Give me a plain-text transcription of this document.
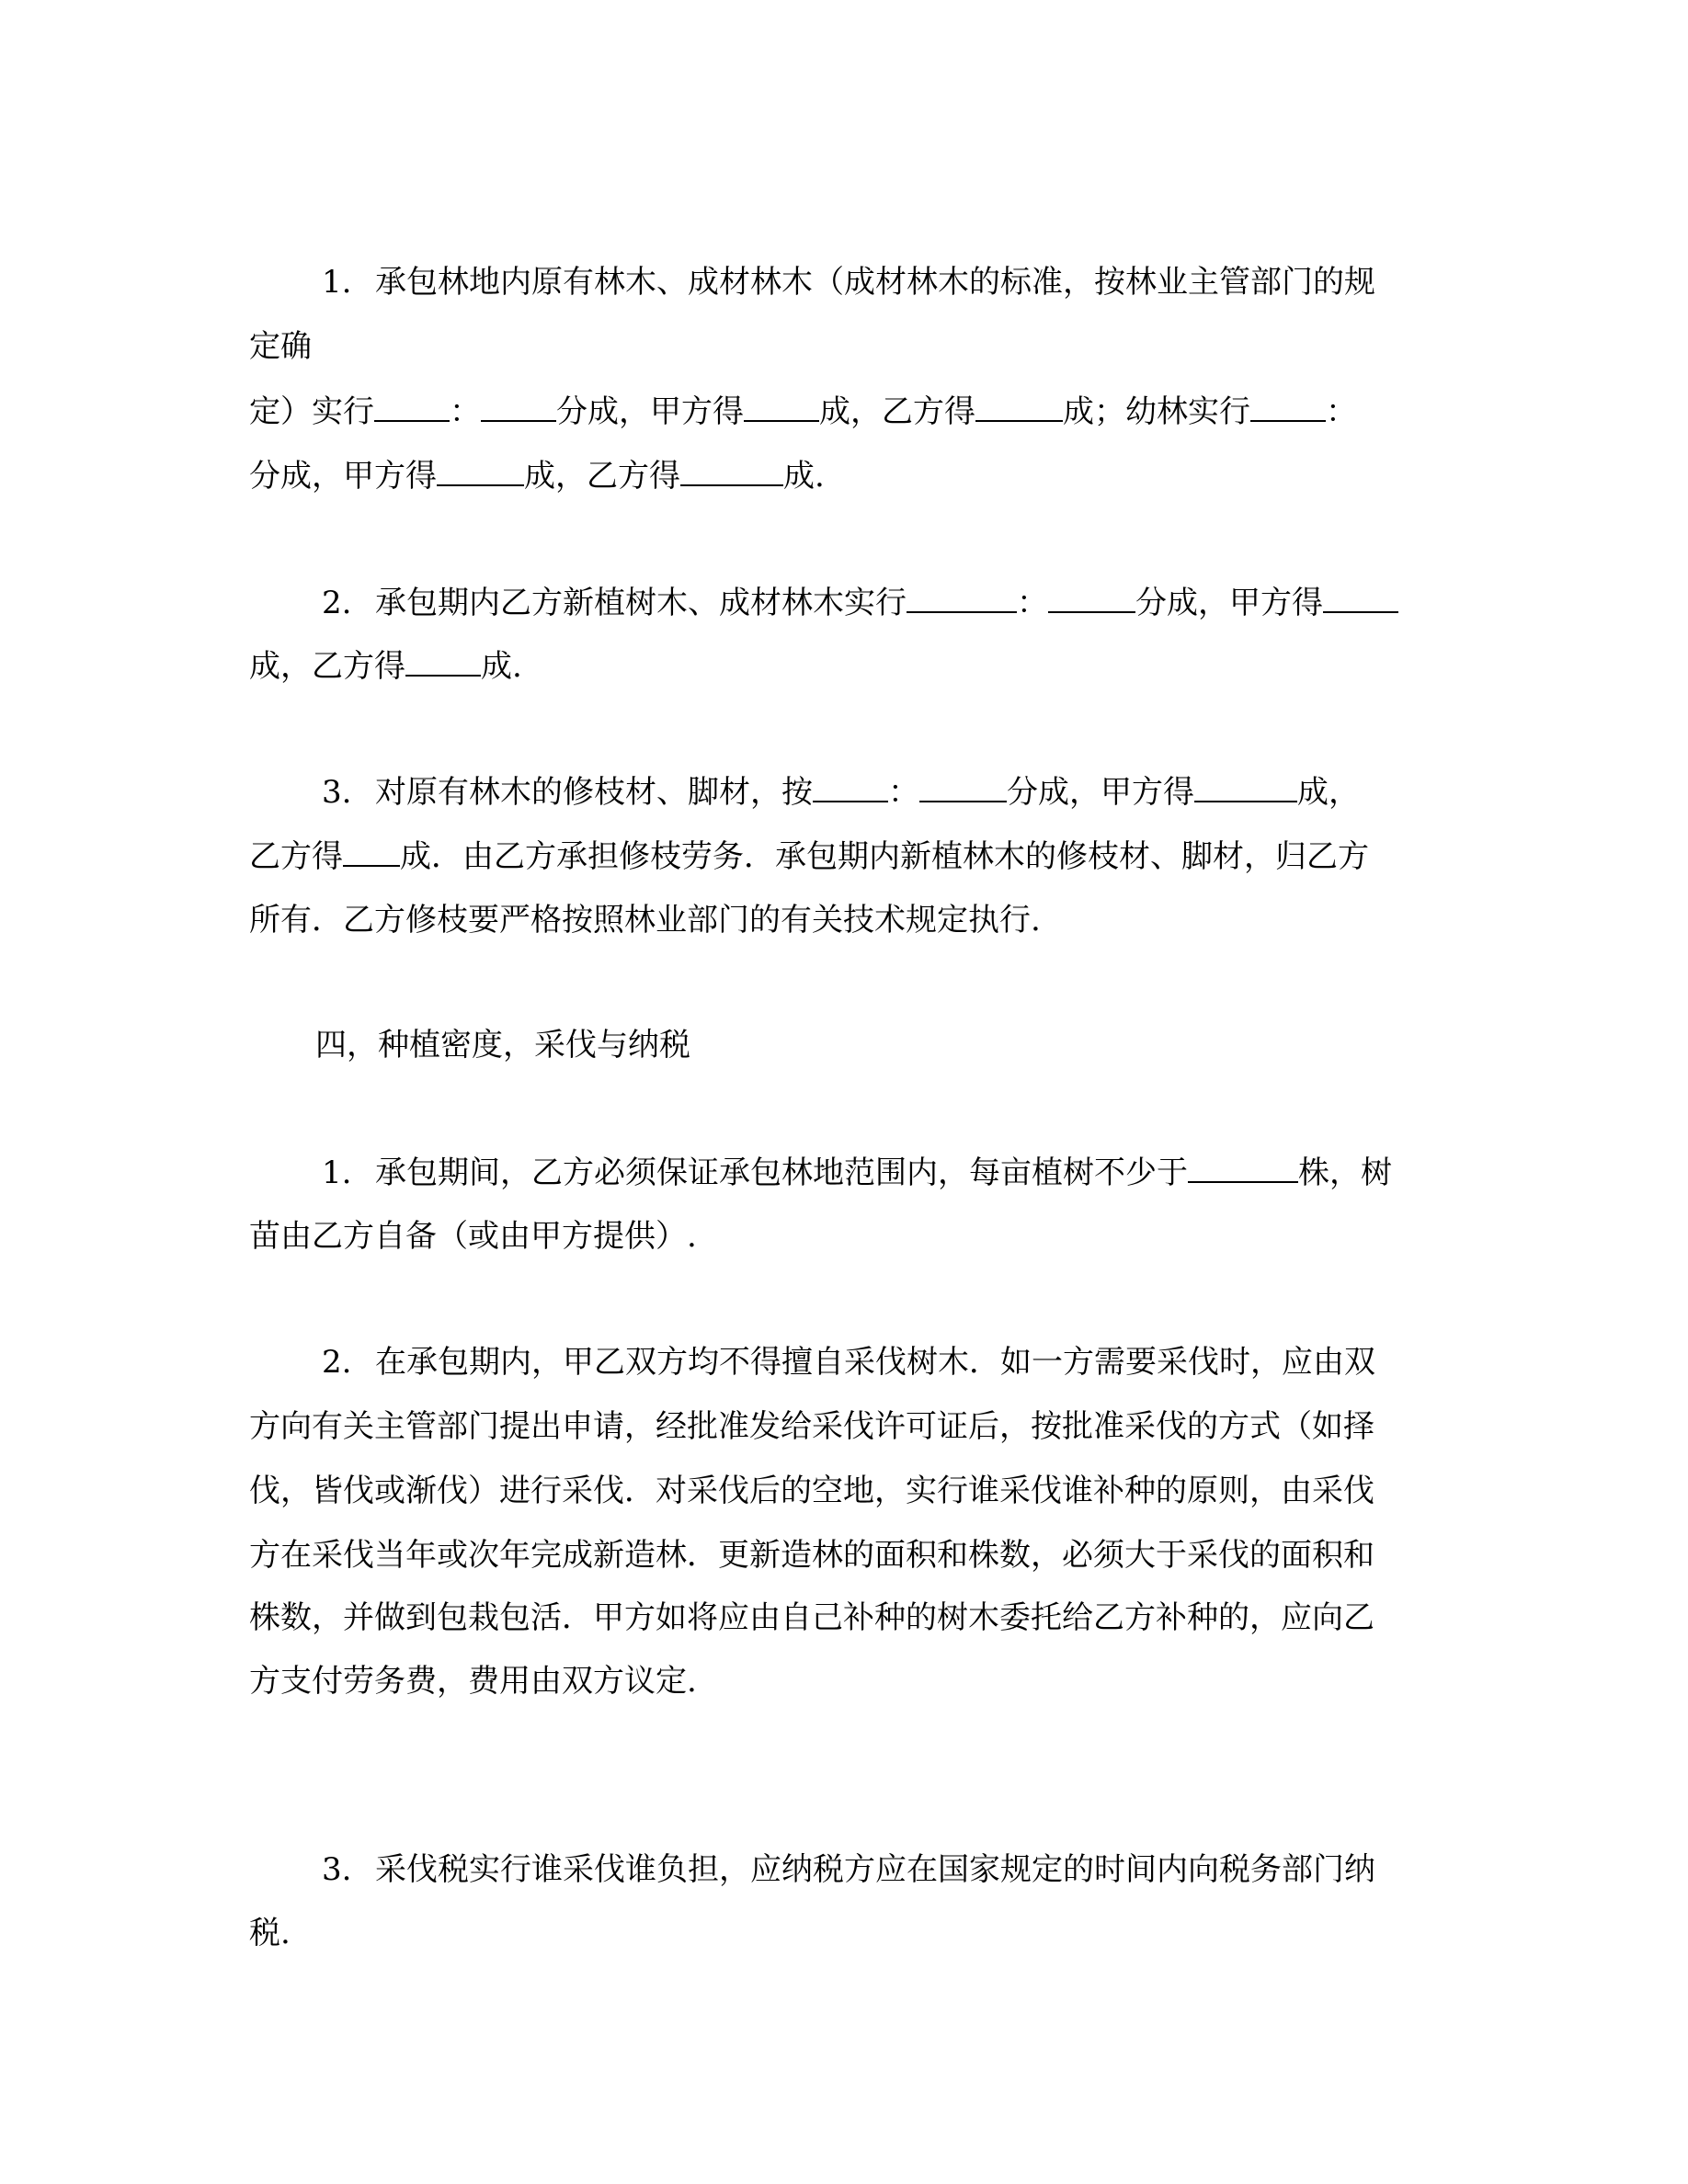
1. 承包林地内原有林木、成材林木（成材林木的标准，按林业主管部门的规
定确
定）实行 ： 分成，甲方得 成，乙方得	成；幼林实行 ：
分成，甲方得	成，乙方得	成.
2. 承包期内乙方新植树木、成材林木实行	：	分成，甲方得
成，乙方得 成.
3. 对原有林木的修枝材、脚材，按 ：	分成，甲方得	成，
乙方得 成．由乙方承担修枝劳务．承包期内新植林木的修枝材、脚材，归乙方
所有．乙方修枝要严格按照林业部门的有关技术规定执行.
四，种植密度，采伐与纳税
1. 承包期间，乙方必须保证承包林地范围内，每亩植树不少于	株，树
苗由乙方自备（或由甲方提供）.
2. 在承包期内，甲乙双方均不得擅自采伐树木．如一方需要采伐时，应由双
方向有关主管部门提出申请，经批准发给采伐许可证后，按批准采伐的方式（如择
伐，皆伐或渐伐）进行采伐．对采伐后的空地，实行谁采伐谁补种的原则，由采伐
方在采伐当年或次年完成新造林．更新造林的面积和株数，必须大于采伐的面积和
株数，并做到包栽包活．甲方如将应由自己补种的树木委托给乙方补种的，应向乙
方支付劳务费，费用由双方议定.
3. 采伐税实行谁采伐谁负担，应纳税方应在国家规定的时间内向税务部门纳
税.
